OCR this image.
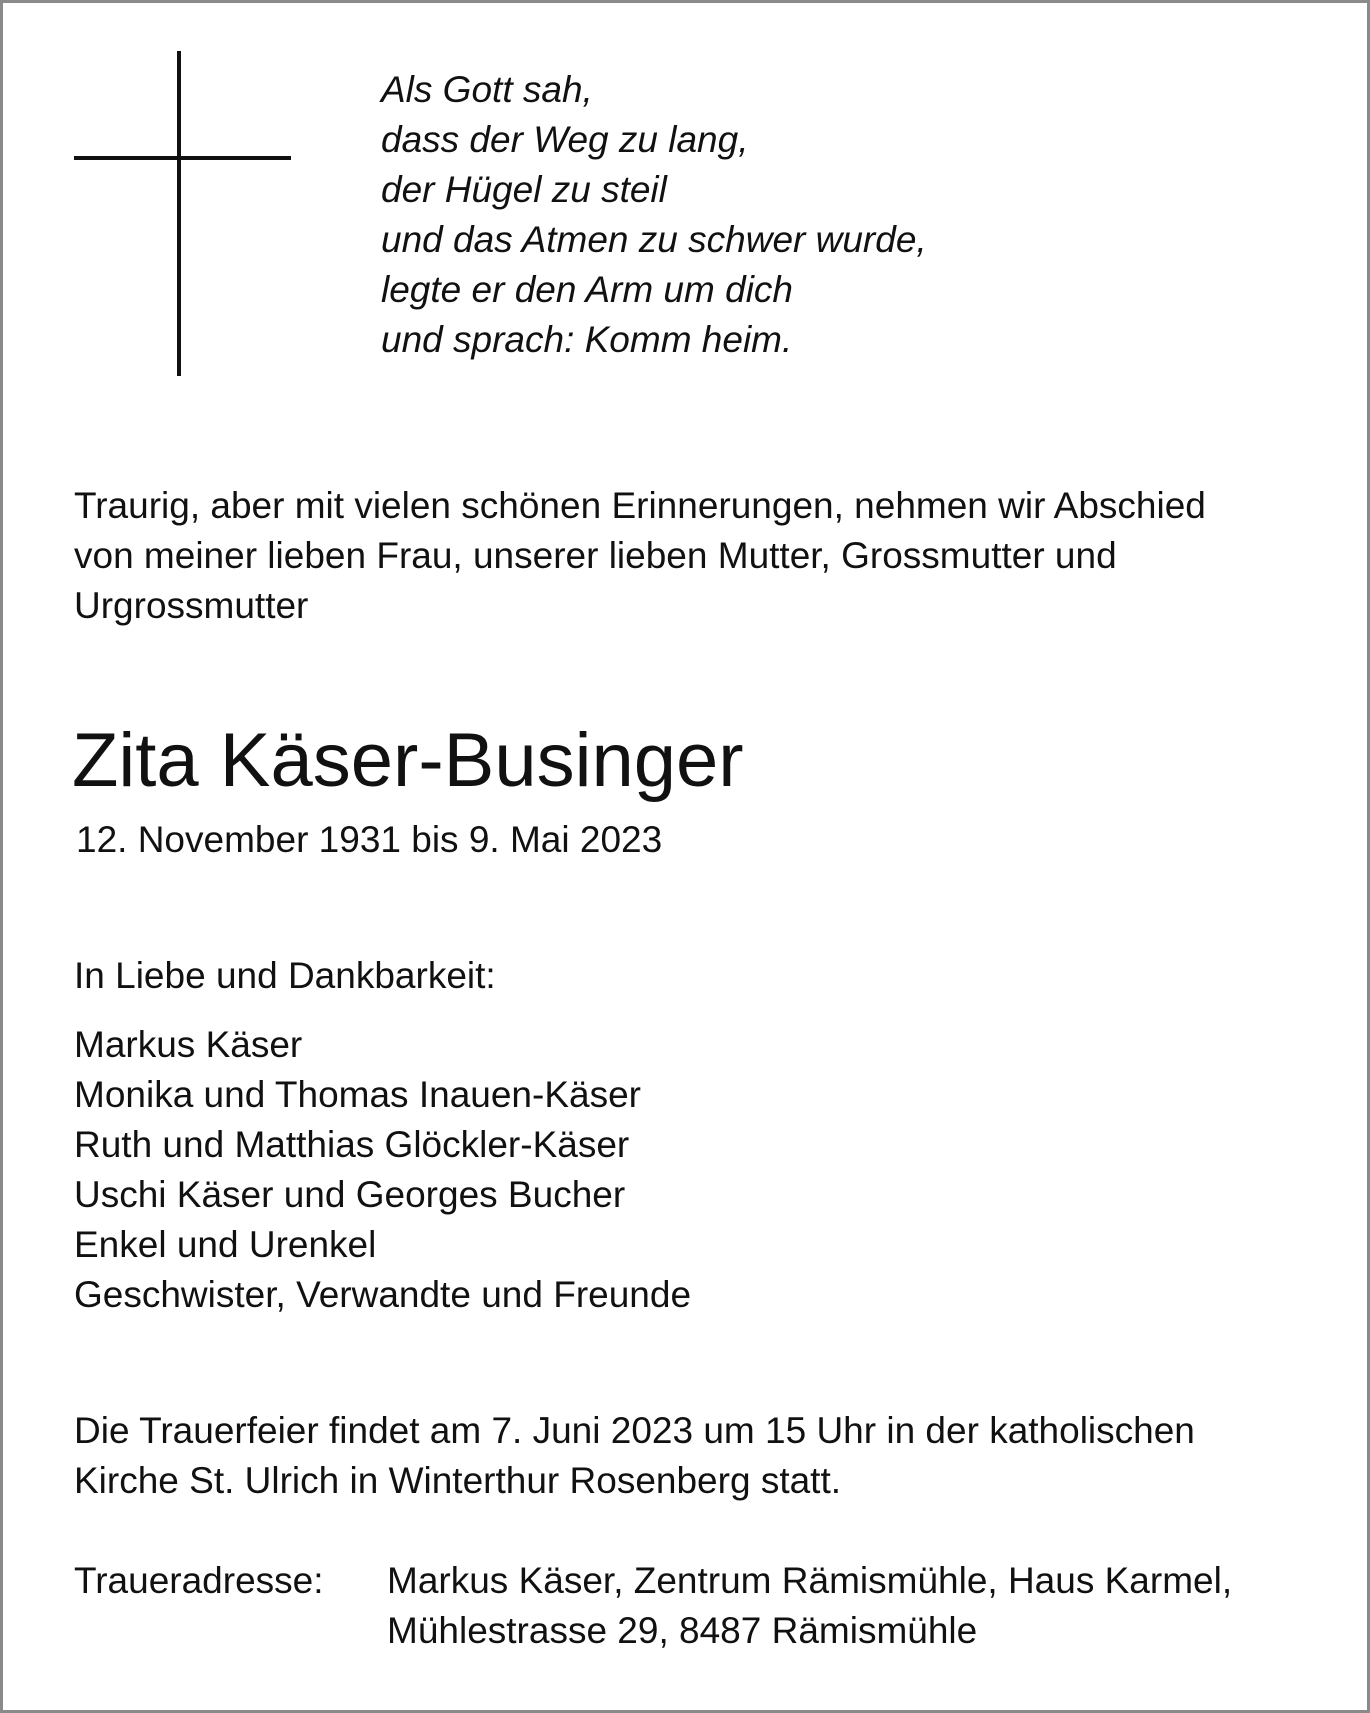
Als Gott sah,
dass der Weg zu lang,
der Hügel zu steil
und das Atmen zu schwer wurde,
legte er den Arm um dich
und sprach: Komm heim.
Traurig, aber mit vielen schönen Erinnerungen, nehmen wir Abschied
von meiner lieben Frau, unserer lieben Mutter, Grossmutter und
Urgrossmutter
Zita Käser-Businger
12. November 1931 bis 9. Mai 2023
In Liebe und Dankbarkeit:
Markus Käser
Monika und Thomas Inauen-Käser
Ruth und Matthias Glöckler-Käser
Uschi Käser und Georges Bucher
Enkel und Urenkel
Geschwister, Verwandte und Freunde
Die Trauerfeier findet am 7. Juni 2023 um 15 Uhr in der katholischen
Kirche St. Ulrich in Winterthur Rosenberg statt.
Traueradresse: Markus Käser, Zentrum Rämismühle, Haus Karmel,
Mühlestrasse 29, 8487 Rämismühle
